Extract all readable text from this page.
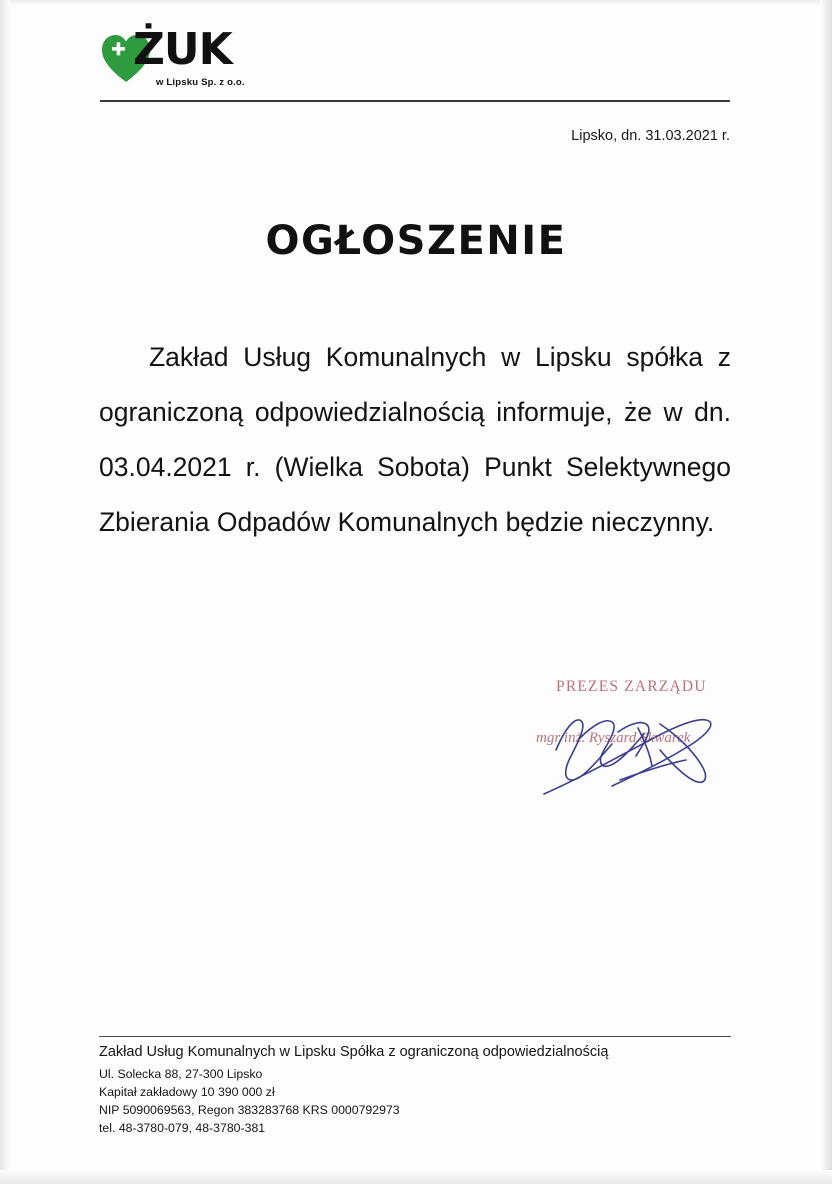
ŻUK
w Lipsku Sp. z o.o.
Lipsko, dn. 31.03.2021 r.
OGŁOSZENIE
Zakład Usług Komunalnych w Lipsku spółka z ograniczoną odpowiedzialnością informuje, że w dn. 03.04.2021 r. (Wielka Sobota) Punkt Selektywnego Zbierania Odpadów Komunalnych będzie nieczynny.
PREZES ZARZĄDU
mgr inż. Ryszard Skwarek
Zakład Usług Komunalnych w Lipsku Spółka z ograniczoną odpowiedzialnością
Ul. Solecka 88, 27-300 Lipsko
Kapitał zakładowy 10 390 000 zł
NIP 5090069563, Regon 383283768 KRS 0000792973
tel. 48-3780-079, 48-3780-381
